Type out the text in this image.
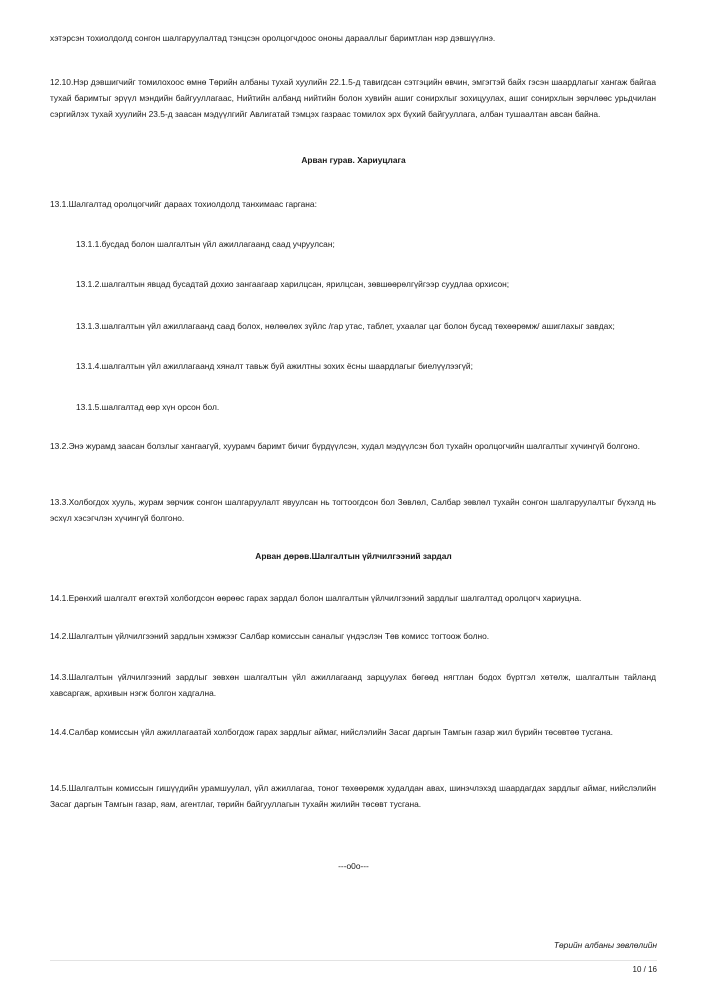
хэтэрсэн тохиолдолд сонгон шалгаруулалтад тэнцсэн оролцогчдоос ононы дарааллыг баримтлан нэр дэвшүүлнэ.

12.10.Нэр дэвшигчийг томилохоос өмнө Төрийн албаны тухай хуулийн 22.1.5-д тавигдсан сэтгэцийн өвчин, эмгэгтэй байх гэсэн шаардлагыг хангаж байгаа тухай баримтыг эрүүл мэндийн байгууллагаас, Нийтийн албанд нийтийн болон хувийн ашиг сонирхлыг зохицуулах, ашиг сонирхлын зөрчлөөс урьдчилан сэргийлэх тухай хуулийн 23.5-д заасан мэдүүлгийг Авлигатай тэмцэх газраас томилох эрх бүхий байгууллага, албан тушаалтан авсан байна.

Арван гурав. Хариуцлага

13.1.Шалгалтад оролцогчийг дараах тохиолдолд танхимаас гаргана:

13.1.1.бусдад болон шалгалтын үйл ажиллагаанд саад учруулсан;

13.1.2.шалгалтын явцад бусадтай дохио зангаагаар харилцсан, ярилцсан, зөвшөөрөлгүйгээр суудлаа орхисон;

13.1.3.шалгалтын үйл ажиллагаанд саад болох, нөлөөлөх зүйлс /гар утас, таблет, ухаалаг цаг болон бусад төхөөрөмж/ ашиглахыг завдах;

13.1.4.шалгалтын үйл ажиллагаанд хяналт тавьж буй ажилтны зохих ёсны шаардлагыг биелүүлээгүй;

13.1.5.шалгалтад өөр хүн орсон бол.

13.2.Энэ журамд заасан болзлыг хангаагүй, хуурамч баримт бичиг бүрдүүлсэн, худал мэдүүлсэн бол тухайн оролцогчийн шалгалтыг хүчингүй болгоно.

13.3.Холбогдох хууль, журам зөрчиж сонгон шалгаруулалт явуулсан нь тогтоогдсон бол Зөвлөл, Салбар зөвлөл тухайн сонгон шалгаруулалтыг бүхэлд нь эсхүл хэсэгчлэн хүчингүй болгоно.

Арван дөрөв.Шалгалтын үйлчилгээний зардал

14.1.Ерөнхий шалгалт өгөхтэй холбогдсон өөрөөс гарах зардал болон шалгалтын үйлчилгээний зардлыг шалгалтад оролцогч хариуцна.

14.2.Шалгалтын үйлчилгээний зардлын хэмжээг Салбар комиссын саналыг үндэслэн Төв комисс тогтоож болно.

14.3.Шалгалтын үйлчилгээний зардлыг зөвхөн шалгалтын үйл ажиллагаанд зарцуулах бөгөөд нягтлан бодох бүртгэл хөтөлж, шалгалтын тайланд хавсаргаж, архивын нэгж болгон хадгална.

14.4.Салбар комиссын үйл ажиллагаатай холбогдож гарах зардлыг аймаг, нийслэлийн Засаг даргын Тамгын газар жил бүрийн төсөвтөө тусгана.

14.5.Шалгалтын комиссын гишүүдийн урамшуулал, үйл ажиллагаа, тоног төхөөрөмж худалдан авах, шинэчлэхэд шаардагдах зардлыг аймаг, нийслэлийн Засаг даргын Тамгын газар, яам, агентлаг, төрийн байгууллагын тухайн жилийн төсөвт тусгана.

---o0o---

Төрийн албаны зөвлөлийн

10 / 16
